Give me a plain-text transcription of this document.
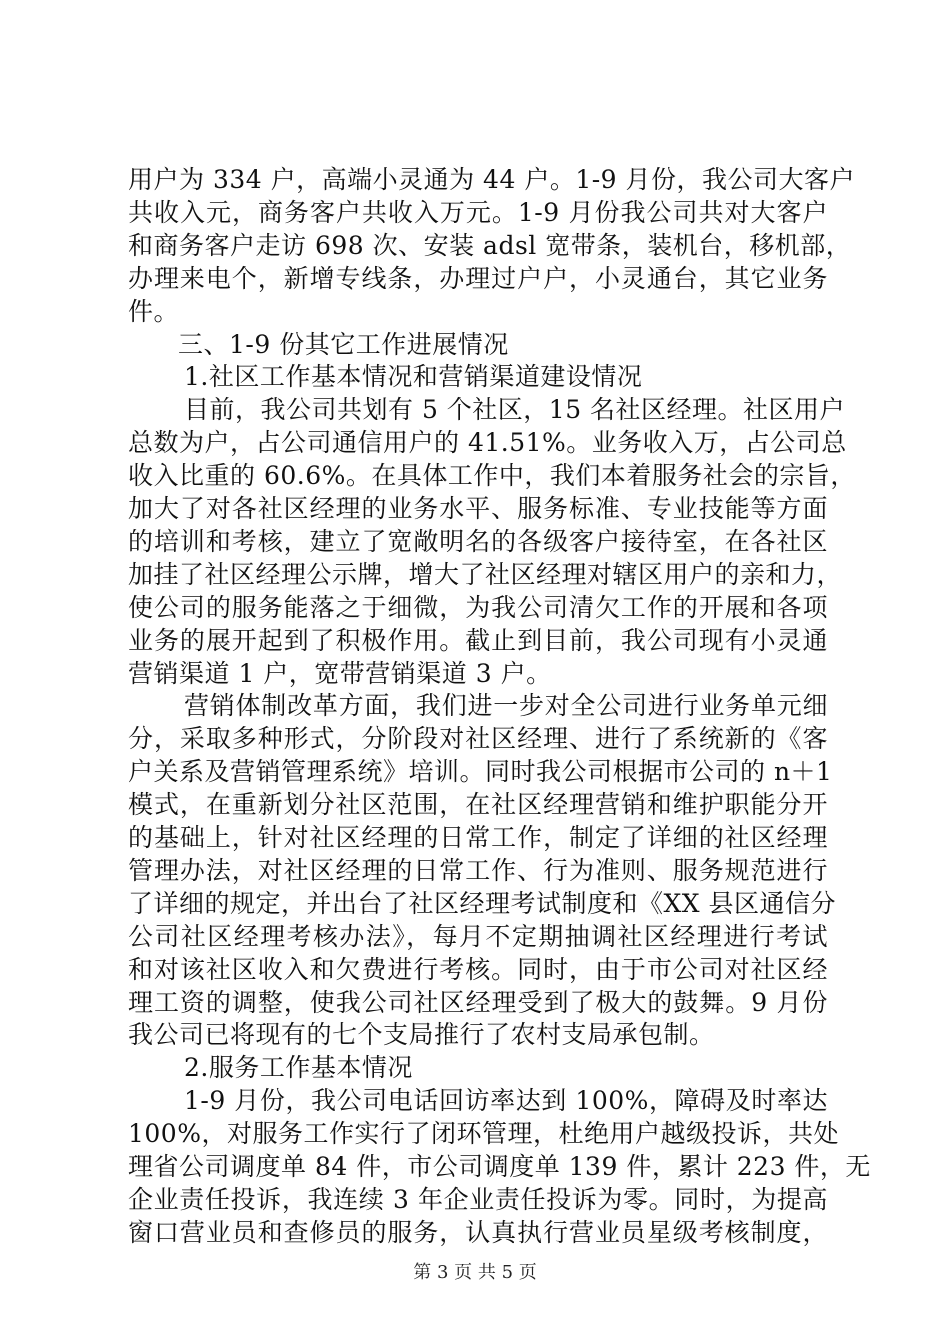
用户为 334 户，高端小灵通为 44 户。1-9 月份，我公司大客户
共收入元，商务客户共收入万元。1-9 月份我公司共对大客户
和商务客户走访 698 次、安装 adsl 宽带条，装机台，移机部，
办理来电个，新增专线条，办理过户户，小灵通台，其它业务
件。
三、1-9 份其它工作进展情况
1.社区工作基本情况和营销渠道建设情况
目前，我公司共划有 5 个社区，15 名社区经理。社区用户
总数为户，占公司通信用户的 41.51%。业务收入万，占公司总
收入比重的 60.6%。在具体工作中，我们本着服务社会的宗旨，
加大了对各社区经理的业务水平、服务标准、专业技能等方面
的培训和考核，建立了宽敞明名的各级客户接待室，在各社区
加挂了社区经理公示牌，增大了社区经理对辖区用户的亲和力，
使公司的服务能落之于细微，为我公司清欠工作的开展和各项
业务的展开起到了积极作用。截止到目前，我公司现有小灵通
营销渠道 1 户，宽带营销渠道 3 户。
营销体制改革方面，我们进一步对全公司进行业务单元细
分，采取多种形式，分阶段对社区经理、进行了系统新的《客
户关系及营销管理系统》培训。同时我公司根据市公司的 n＋1
模式，在重新划分社区范围，在社区经理营销和维护职能分开
的基础上，针对社区经理的日常工作，制定了详细的社区经理
管理办法，对社区经理的日常工作、行为准则、服务规范进行
了详细的规定，并出台了社区经理考试制度和《XX 县区通信分
公司社区经理考核办法》，每月不定期抽调社区经理进行考试
和对该社区收入和欠费进行考核。同时，由于市公司对社区经
理工资的调整，使我公司社区经理受到了极大的鼓舞。9 月份
我公司已将现有的七个支局推行了农村支局承包制。
2.服务工作基本情况
1-9 月份，我公司电话回访率达到 100%，障碍及时率达
100%，对服务工作实行了闭环管理，杜绝用户越级投诉，共处
理省公司调度单 84 件，市公司调度单 139 件，累计 223 件，无
企业责任投诉，我连续 3 年企业责任投诉为零。同时，为提高
窗口营业员和查修员的服务，认真执行营业员星级考核制度，
第 3 页 共 5 页
